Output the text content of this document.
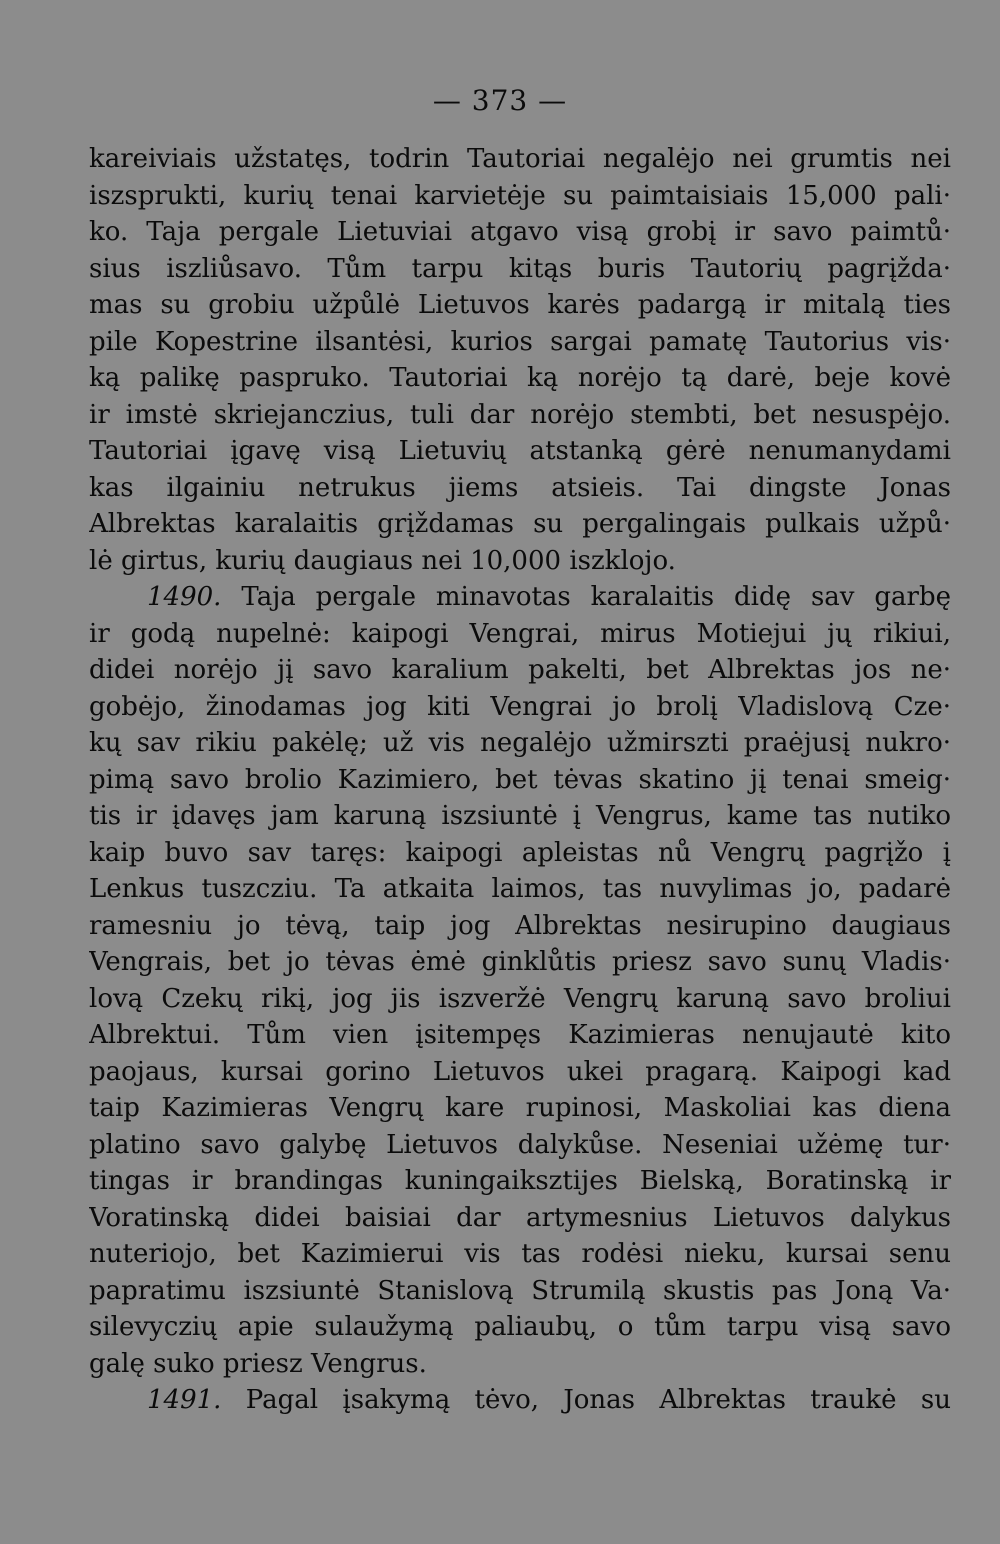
— 373 —
kareiviais užstatęs, todrin Tautoriai negalėjo nei grumtis nei
iszsprukti, kurių tenai karvietėje su paimtaisiais 15,000 pali·
ko. Taja pergale Lietuviai atgavo visą grobį ir savo paimtů·
sius iszliůsavo. Tům tarpu kitąs buris Tautorių pagrįžda·
mas su grobiu užpůlė Lietuvos karės padargą ir mitalą ties
pile Kopestrine ilsantėsi, kurios sargai pamatę Tautorius vis·
ką palikę paspruko. Tautoriai ką norėjo tą darė, beje kovė
ir imstė skriejanczius, tuli dar norėjo stembti, bet nesuspėjo.
Tautoriai įgavę visą Lietuvių atstanką gėrė nenumanydami
kas ilgainiu netrukus jiems atsieis. Tai dingste Jonas
Albrektas karalaitis grįždamas su pergalingais pulkais užpů·
lė girtus, kurių daugiaus nei 10,000 iszklojo.
1490. Taja pergale minavotas karalaitis didę sav garbę
ir godą nupelnė: kaipogi Vengrai, mirus Motiejui jų rikiui,
didei norėjo jį savo karalium pakelti, bet Albrektas jos ne·
gobėjo, žinodamas jog kiti Vengrai jo brolį Vladislovą Cze·
kų sav rikiu pakėlę; už vis negalėjo užmirszti praėjusį nukro·
pimą savo brolio Kazimiero, bet tėvas skatino jį tenai smeig·
tis ir įdavęs jam karuną iszsiuntė į Vengrus, kame tas nutiko
kaip buvo sav taręs: kaipogi apleistas nů Vengrų pagrįžo į
Lenkus tuszcziu. Ta atkaita laimos, tas nuvylimas jo, padarė
ramesniu jo tėvą, taip jog Albrektas nesirupino daugiaus
Vengrais, bet jo tėvas ėmė ginklůtis priesz savo sunų Vladis·
lovą Czekų rikį, jog jis iszveržė Vengrų karuną savo broliui
Albrektui. Tům vien įsitempęs Kazimieras nenujautė kito
paojaus, kursai gorino Lietuvos ukei pragarą. Kaipogi kad
taip Kazimieras Vengrų kare rupinosi, Maskoliai kas diena
platino savo galybę Lietuvos dalykůse. Neseniai užėmę tur·
tingas ir brandingas kuningaiksztijes Bielską, Boratinską ir
Voratinską didei baisiai dar artymesnius Lietuvos dalykus
nuteriojo, bet Kazimierui vis tas rodėsi nieku, kursai senu
papratimu iszsiuntė Stanislovą Strumilą skustis pas Joną Va·
silevyczių apie sulaužymą paliaubų, o tům tarpu visą savo
galę suko priesz Vengrus.
1491. Pagal įsakymą tėvo, Jonas Albrektas traukė su
